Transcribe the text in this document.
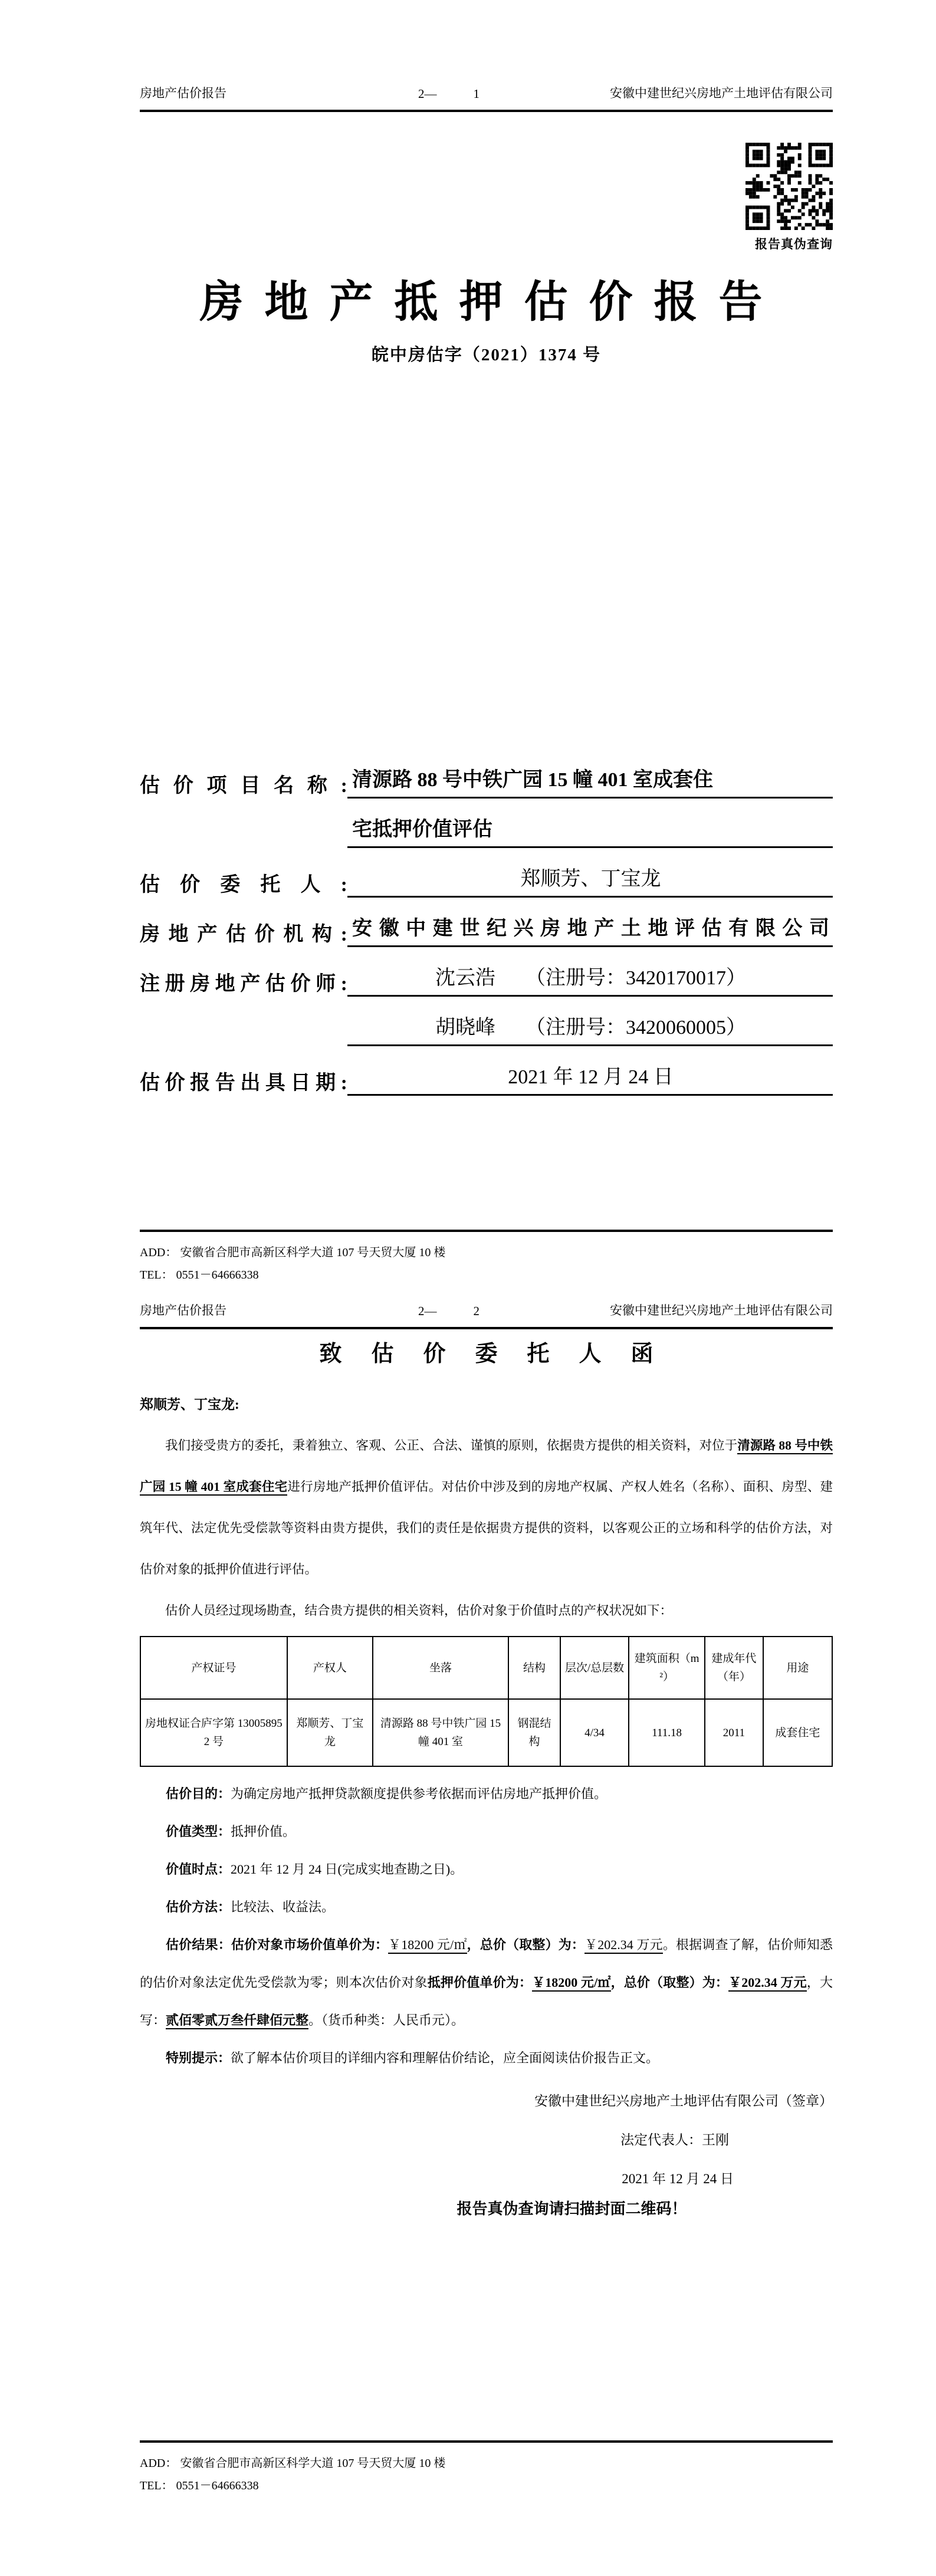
房地产估价报告	2—	1	安徽中建世纪兴房地产土地评估有限公司
报告真伪查询
房地产抵押估价报告
皖中房估字（2021）1374 号
估价项目名称: 清源路 88 号中铁广园 15 幢 401 室成套住
宅抵押价值评估
估价委托人:	郑顺芳、丁宝龙
房地产估价机构: 安徽中建世纪兴房地产土地评估有限公司
注册房地产估价师:	沈云浩　　（注册号：3420170017）
胡晓峰　　（注册号：3420060005）
估价报告出具日期:	2021 年 12 月 24 日
ADD： 安徽省合肥市高新区科学大道 107 号天贸大厦 10 楼
TEL： 0551－64666338
房地产估价报告	2—	2	安徽中建世纪兴房地产土地评估有限公司
致估价委托人函
郑顺芳、丁宝龙:

我们接受贵方的委托，秉着独立、客观、公正、合法、谨慎的原则，依据贵方提供的相关资料，对位于清源路 88 号中铁广园 15 幢 401 室成套住宅进行房地产抵押价值评估。对估价中涉及到的房地产权属、产权人姓名（名称）、面积、房型、建筑年代、法定优先受偿款等资料由贵方提供，我们的责任是依据贵方提供的资料，以客观公正的立场和科学的估价方法，对估价对象的抵押价值进行评估。

估价人员经过现场勘查，结合贵方提供的相关资料，估价对象于价值时点的产权状况如下：

产权证号	产权人	坐落	结构	层次/总层数	建筑面积（m²）	建成年代（年）	用途
房地权证合庐字第 130058952 号	郑顺芳、丁宝龙	清源路 88 号中铁广园 15 幢 401 室	钢混结构	4/34	111.18	2011	成套住宅

估价目的：为确定房地产抵押贷款额度提供参考依据而评估房地产抵押价值。

价值类型：抵押价值。

价值时点：2021 年 12 月 24 日(完成实地查勘之日)。

估价方法：比较法、收益法。

估价结果：估价对象市场价值单价为：￥18200 元/㎡，总价（取整）为：￥202.34 万元。根据调查了解，估价师知悉的估价对象法定优先受偿款为零；则本次估价对象抵押价值单价为：￥18200 元/㎡，总价（取整）为：￥202.34 万元，大写：贰佰零贰万叁仟肆佰元整。（货币种类：人民币元）。

特别提示：欲了解本估价项目的详细内容和理解估价结论，应全面阅读估价报告正文。

安徽中建世纪兴房地产土地评估有限公司（签章）
法定代表人：王刚
2021 年 12 月 24 日
报告真伪查询请扫描封面二维码！
ADD： 安徽省合肥市高新区科学大道 107 号天贸大厦 10 楼
TEL： 0551－64666338
